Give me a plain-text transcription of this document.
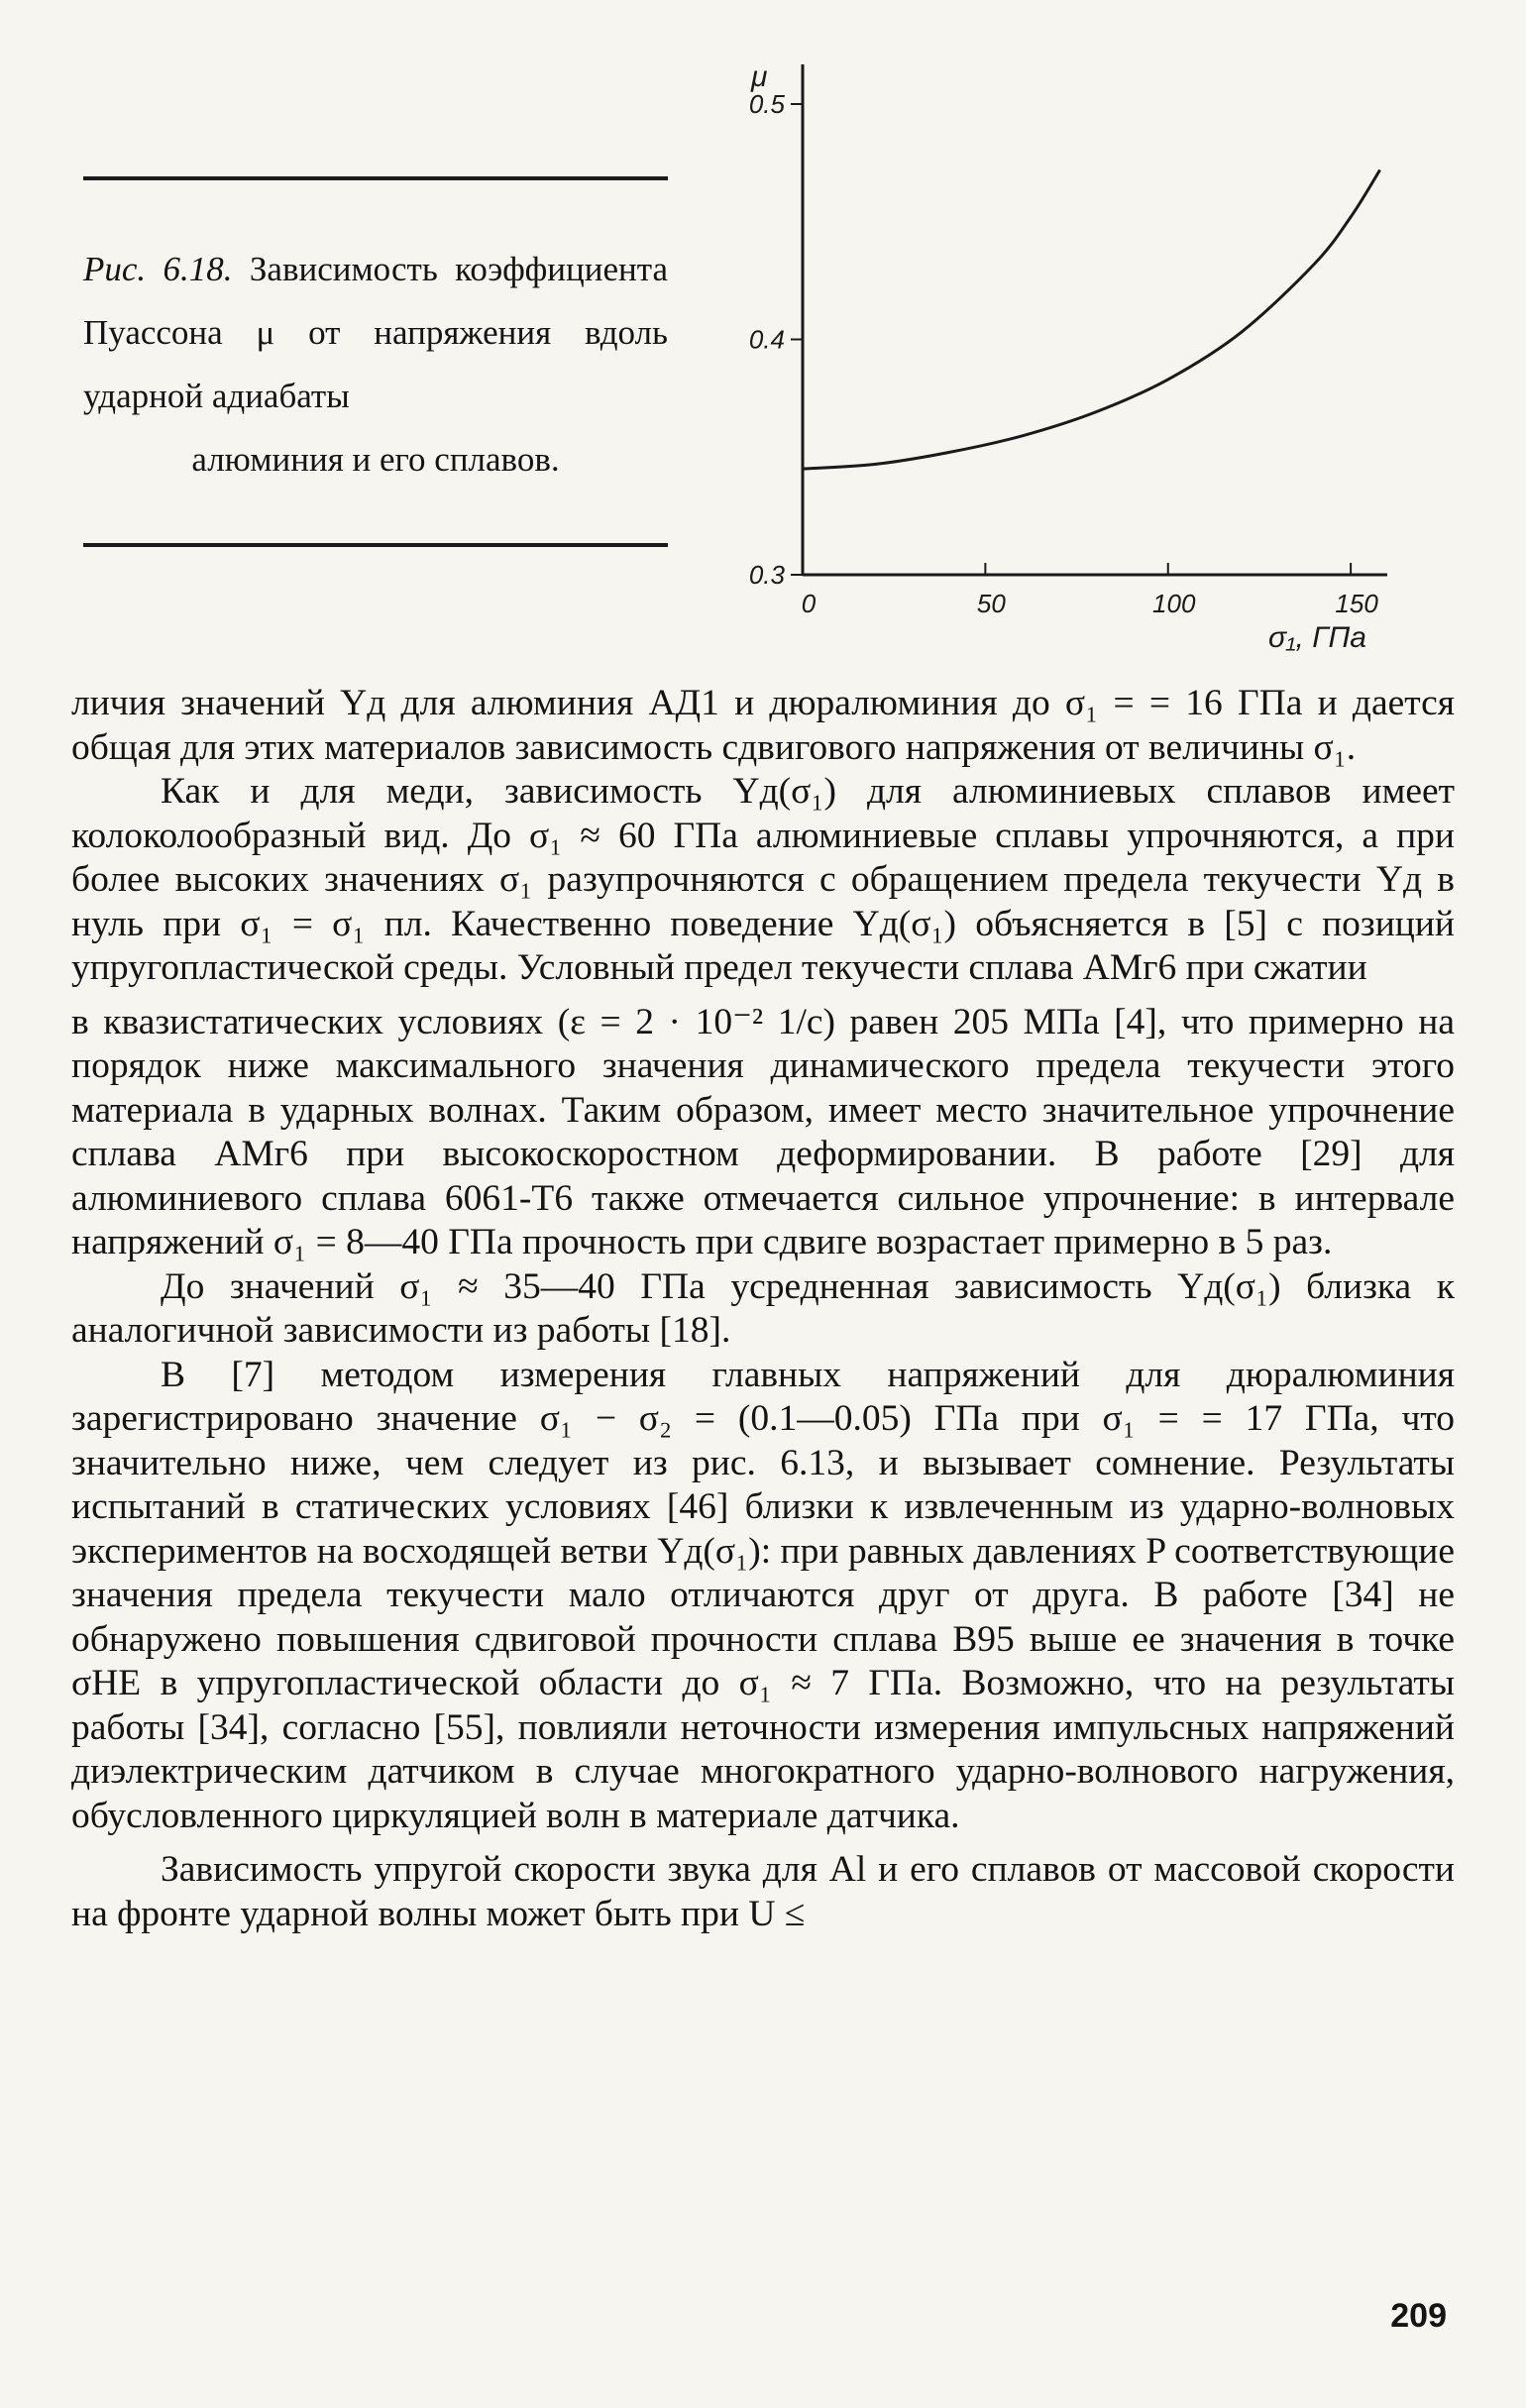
Рис. 6.18. Зависимость коэффициента Пуассона μ от напряжения вдоль ударной адиабаты
алюминия и его сплавов.
0	50	100	150
0.3
0.4
0.5
μ
σ₁, ГПа

личия значений Yд для алюминия АД1 и дюралюминия до σ₁ = = 16 ГПа и дается общая для этих материалов зависимость сдвигового напряжения от величины σ₁.

Как и для меди, зависимость Yд(σ₁) для алюминиевых сплавов имеет колоколообразный вид. До σ₁ ≈ 60 ГПа алюминиевые сплавы упрочняются, а при более высоких значениях σ₁ разупрочняются с обращением предела текучести Yд в нуль при σ₁ = σ₁ пл. Качественно поведение Yд(σ₁) объясняется в [5] с позиций упругопластической среды. Условный предел текучести сплава АМг6 при сжатии

в квазистатических условиях (ε = 2 · 10⁻² 1/с) равен 205 МПа [4], что примерно на порядок ниже максимального значения динамического предела текучести этого материала в ударных волнах. Таким образом, имеет место значительное упрочнение сплава АМг6 при высокоскоростном деформировании. В работе [29] для алюминиевого сплава 6061-Т6 также отмечается сильное упрочнение: в интервале напряжений σ₁ = 8—40 ГПа прочность при сдвиге возрастает примерно в 5 раз.

До значений σ₁ ≈ 35—40 ГПа усредненная зависимость Yд(σ₁) близка к аналогичной зависимости из работы [18].

В [7] методом измерения главных напряжений для дюралюминия зарегистрировано значение σ₁ − σ₂ = (0.1—0.05) ГПа при σ₁ = = 17 ГПа, что значительно ниже, чем следует из рис. 6.13, и вызывает сомнение. Результаты испытаний в статических условиях [46] близки к извлеченным из ударно-волновых экспериментов на восходящей ветви Yд(σ₁): при равных давлениях P соответствующие значения предела текучести мало отличаются друг от друга. В работе [34] не обнаружено повышения сдвиговой прочности сплава В95 выше ее значения в точке σHE в упругопластической области до σ₁ ≈ 7 ГПа. Возможно, что на результаты работы [34], согласно [55], повлияли неточности измерения импульсных напряжений диэлектрическим датчиком в случае многократного ударно-волнового нагружения, обусловленного циркуляцией волн в материале датчика.

Зависимость упругой скорости звука для Al и его сплавов от массовой скорости на фронте ударной волны может быть при U ≤

209
